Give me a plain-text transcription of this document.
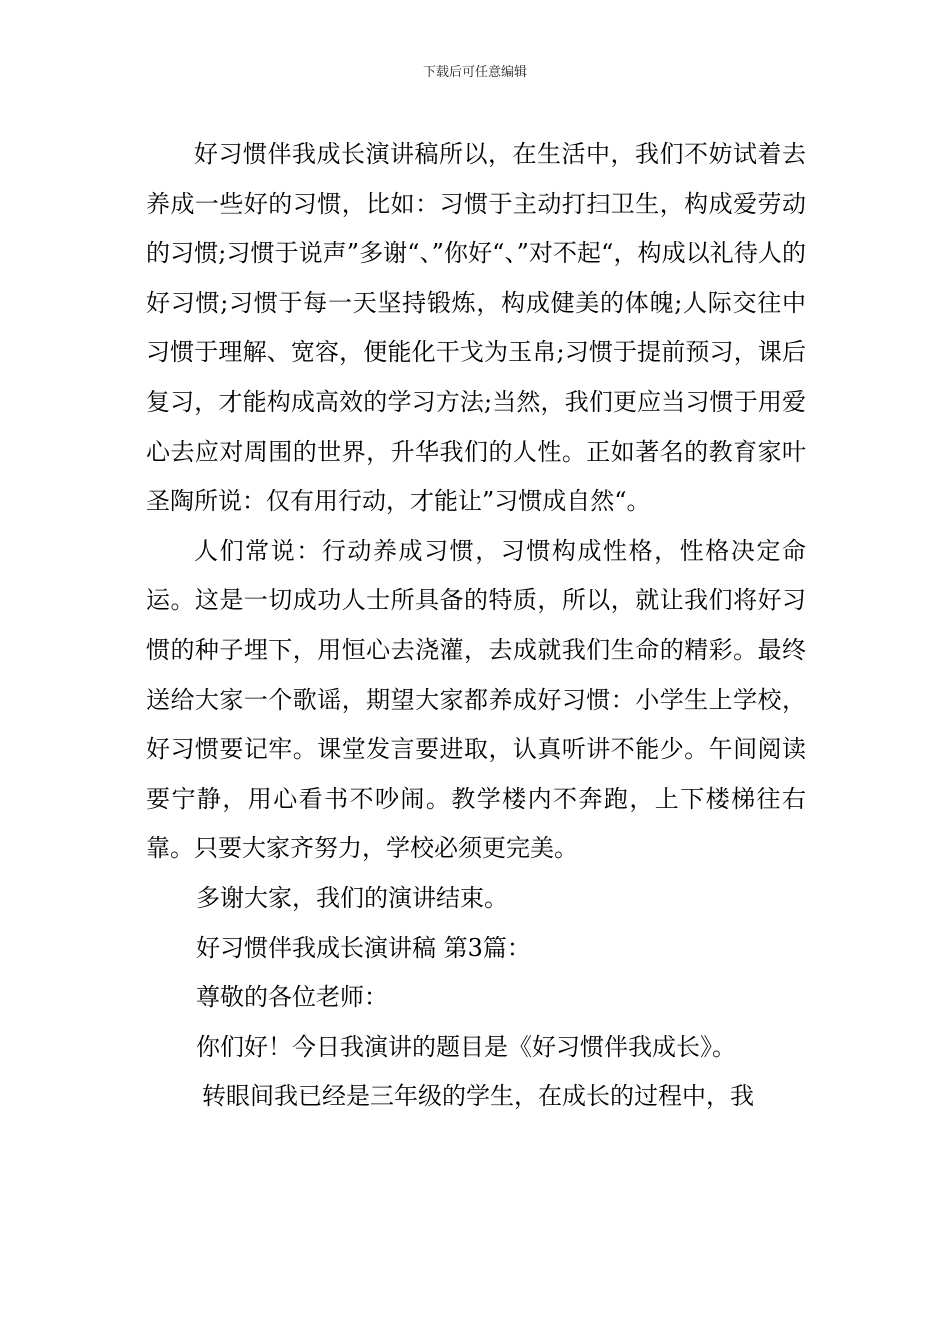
下载后可任意编辑

好习惯伴我成长演讲稿所以，在生活中，我们不妨试着去养成一些好的习惯，比如：习惯于主动打扫卫生，构成爱劳动的习惯;习惯于说声”多谢“、”你好“、”对不起“，构成以礼待人的好习惯;习惯于每一天坚持锻炼，构成健美的体魄;人际交往中习惯于理解、宽容，便能化干戈为玉帛;习惯于提前预习，课后复习，才能构成高效的学习方法;当然，我们更应当习惯于用爱心去应对周围的世界，升华我们的人性。正如著名的教育家叶圣陶所说：仅有用行动，才能让”习惯成自然“。

人们常说：行动养成习惯，习惯构成性格，性格决定命运。这是一切成功人士所具备的特质，所以，就让我们将好习惯的种子埋下，用恒心去浇灌，去成就我们生命的精彩。最终送给大家一个歌谣，期望大家都养成好习惯：小学生上学校，好习惯要记牢。课堂发言要进取，认真听讲不能少。午间阅读要宁静，用心看书不吵闹。教学楼内不奔跑，上下楼梯往右靠。只要大家齐努力，学校必须更完美。

多谢大家，我们的演讲结束。

好习惯伴我成长演讲稿 第3篇：

尊敬的各位老师：

你们好！今日我演讲的题目是《好习惯伴我成长》。

转眼间我已经是三年级的学生，在成长的过程中，我
